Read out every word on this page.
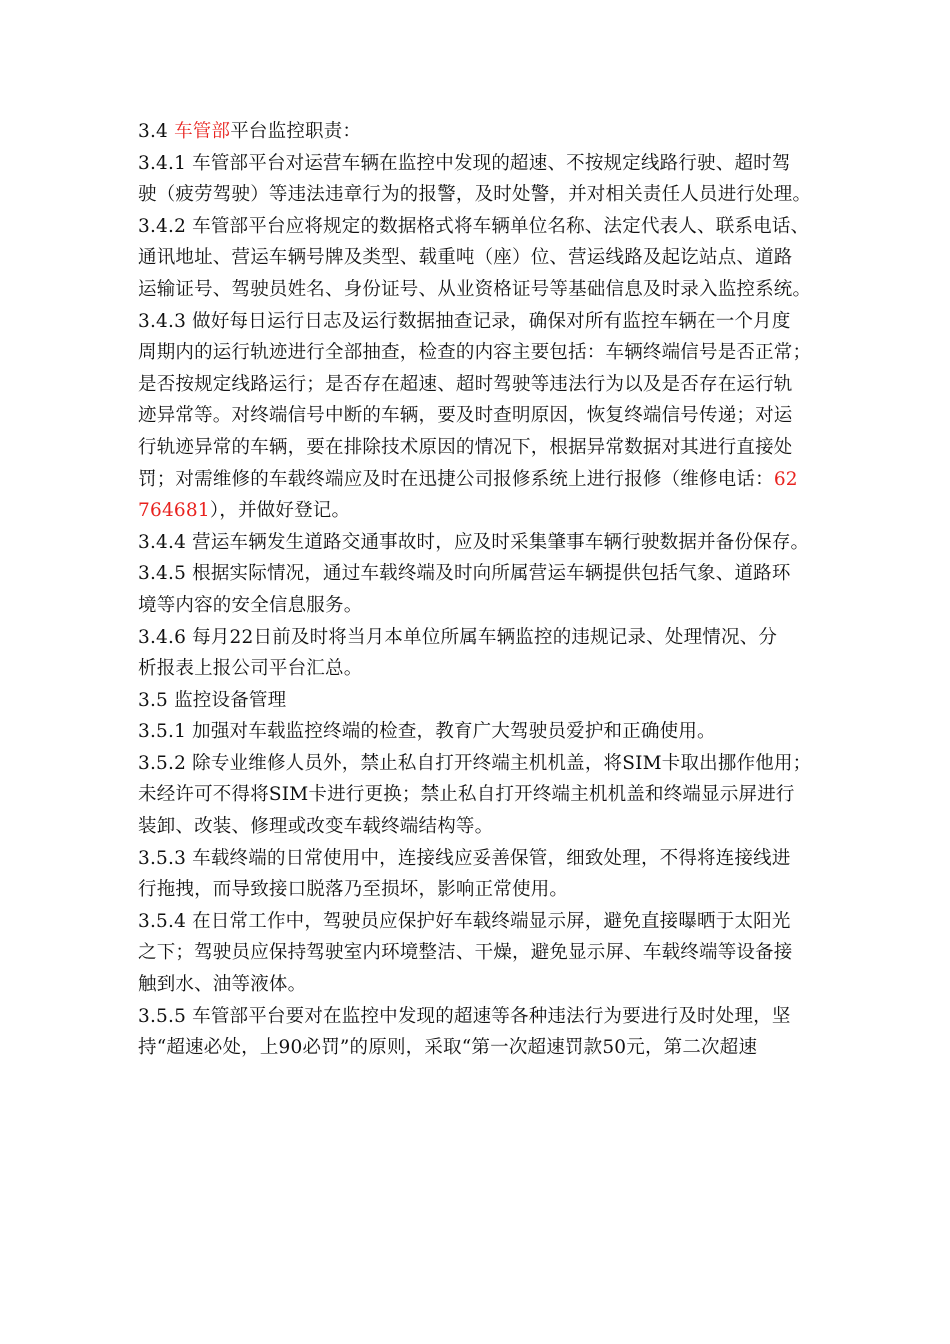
3.4 车管部平台监控职责：
3.4.1 车管部平台对运营车辆在监控中发现的超速、不按规定线路行驶、超时驾
驶（疲劳驾驶）等违法违章行为的报警，及时处警，并对相关责任人员进行处理。
3.4.2 车管部平台应将规定的数据格式将车辆单位名称、法定代表人、联系电话、
通讯地址、营运车辆号牌及类型、载重吨（座）位、营运线路及起讫站点、道路
运输证号、驾驶员姓名、身份证号、从业资格证号等基础信息及时录入监控系统。
3.4.3 做好每日运行日志及运行数据抽查记录，确保对所有监控车辆在一个月度
周期内的运行轨迹进行全部抽查，检查的内容主要包括：车辆终端信号是否正常；
是否按规定线路运行；是否存在超速、超时驾驶等违法行为以及是否存在运行轨
迹异常等。对终端信号中断的车辆，要及时查明原因，恢复终端信号传递；对运
行轨迹异常的车辆，要在排除技术原因的情况下，根据异常数据对其进行直接处
罚；对需维修的车载终端应及时在迅捷公司报修系统上进行报修（维修电话：62
764681），并做好登记。
3.4.4 营运车辆发生道路交通事故时，应及时采集肇事车辆行驶数据并备份保存。
3.4.5 根据实际情况，通过车载终端及时向所属营运车辆提供包括气象、道路环
境等内容的安全信息服务。
3.4.6 每月22日前及时将当月本单位所属车辆监控的违规记录、处理情况、分
析报表上报公司平台汇总。
3.5 监控设备管理
3.5.1 加强对车载监控终端的检查，教育广大驾驶员爱护和正确使用。
3.5.2 除专业维修人员外，禁止私自打开终端主机机盖，将SIM卡取出挪作他用；
未经许可不得将SIM卡进行更换；禁止私自打开终端主机机盖和终端显示屏进行
装卸、改装、修理或改变车载终端结构等。
3.5.3 车载终端的日常使用中，连接线应妥善保管，细致处理，不得将连接线进
行拖拽，而导致接口脱落乃至损坏，影响正常使用。
3.5.4 在日常工作中，驾驶员应保护好车载终端显示屏，避免直接曝晒于太阳光
之下；驾驶员应保持驾驶室内环境整洁、干燥，避免显示屏、车载终端等设备接
触到水、油等液体。
3.5.5 车管部平台要对在监控中发现的超速等各种违法行为要进行及时处理，坚
持“超速必处，上90必罚”的原则，采取“第一次超速罚款50元，第二次超速
